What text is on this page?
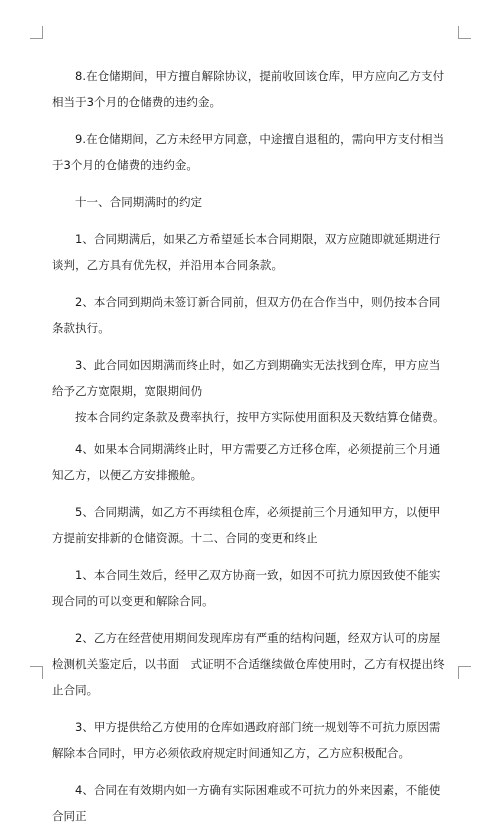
8.在仓储期间，甲方擅自解除协议，提前收回该仓库，甲方应向乙方支付相当于3个月的仓储费的违约金。

9.在仓储期间，乙方未经甲方同意，中途擅自退租的，需向甲方支付相当于3个月的仓储费的违约金。

十一、合同期满时的约定

1、合同期满后，如果乙方希望延长本合同期限，双方应随即就延期进行谈判，乙方具有优先权，并沿用本合同条款。

2、本合同到期尚未签订新合同前，但双方仍在合作当中，则仍按本合同条款执行。

3、此合同如因期满而终止时，如乙方到期确实无法找到仓库，甲方应当给予乙方宽限期，宽限期间仍

按本合同约定条款及费率执行，按甲方实际使用面积及天数结算仓储费。

4、如果本合同期满终止时，甲方需要乙方迁移仓库，必须提前三个月通知乙方，以便乙方安排搬舱。

5、合同期满，如乙方不再续租仓库，必须提前三个月通知甲方，以便甲方提前安排新的仓储资源。十二、合同的变更和终止

1、本合同生效后，经甲乙双方协商一致，如因不可抗力原因致使不能实现合同的可以变更和解除合同。

2、乙方在经营使用期间发现库房有严重的结构问题，经双方认可的房屋检测机关鉴定后，以书面　式证明不合适继续做仓库使用时，乙方有权提出终止合同。

3、甲方提供给乙方使用的仓库如遇政府部门统一规划等不可抗力原因需解除本合同时，甲方必须依政府规定时间通知乙方，乙方应积极配合。

4、合同在有效期内如一方确有实际困难或不可抗力的外来因素，不能使合同正
